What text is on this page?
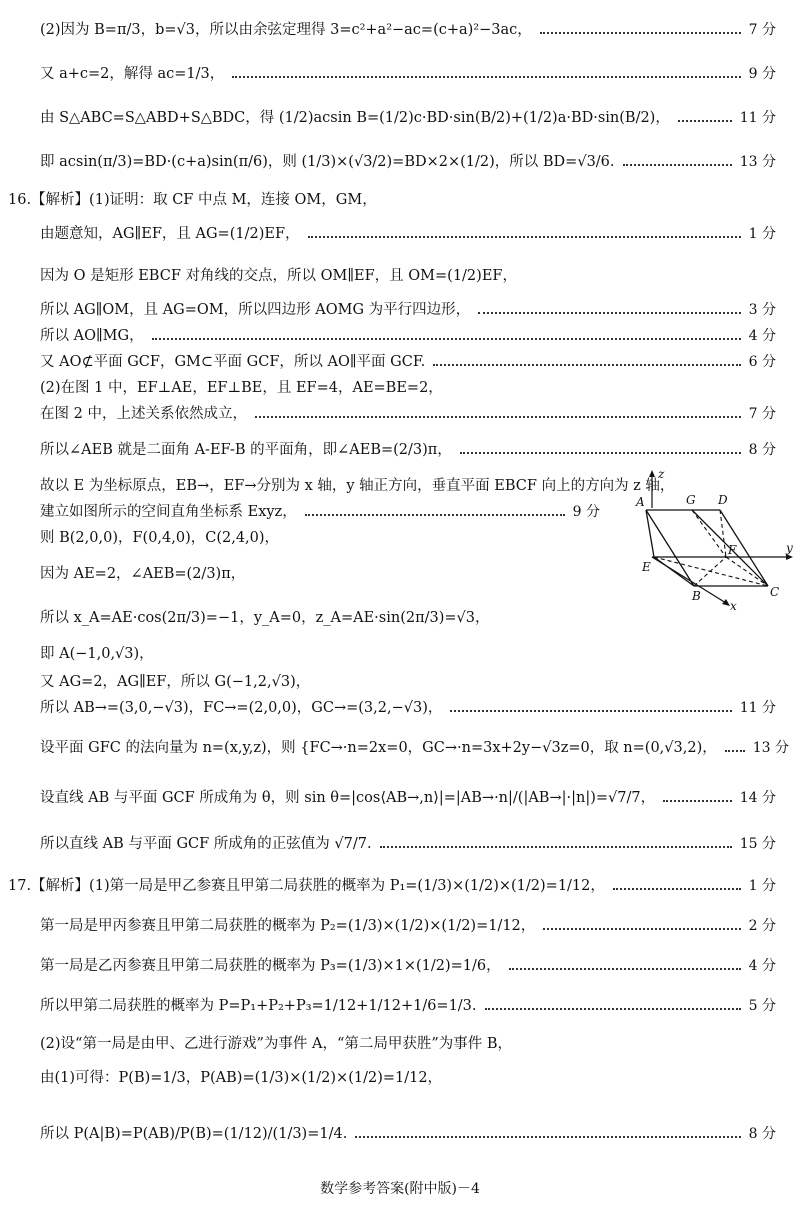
(2)因为 B=π/3，b=√3，所以由余弦定理得 3=c²+a²−ac=(c+a)²−3ac，	7 分
又 a+c=2，解得 ac=1/3，	9 分
由 S△ABC=S△ABD+S△BDC，得 (1/2)acsin B=(1/2)c·BD·sin(B/2)+(1/2)a·BD·sin(B/2)，	11 分
即 acsin(π/3)=BD·(c+a)sin(π/6)，则 (1/3)×(√3/2)=BD×2×(1/2)，所以 BD=√3/6.	13 分
16.【解析】(1)证明：取 CF 中点 M，连接 OM，GM，
由题意知，AG∥EF，且 AG=(1/2)EF，	1 分
因为 O 是矩形 EBCF 对角线的交点，所以 OM∥EF，且 OM=(1/2)EF，
所以 AG∥OM，且 AG=OM，所以四边形 AOMG 为平行四边形，	3 分
所以 AO∥MG，	4 分
又 AO⊄平面 GCF，GM⊂平面 GCF，所以 AO∥平面 GCF.	6 分
(2)在图 1 中，EF⊥AE，EF⊥BE，且 EF=4，AE=BE=2，
在图 2 中，上述关系依然成立，	7 分
所以∠AEB 就是二面角 A-EF-B 的平面角，即∠AEB=(2/3)π，	8 分
故以 E 为坐标原点，EB→，EF→分别为 x 轴，y 轴正方向，垂直平面 EBCF 向上的方向为 z 轴，
建立如图所示的空间直角坐标系 Exyz，	9 分
则 B(2,0,0)，F(0,4,0)，C(2,4,0)，
因为 AE=2，∠AEB=(2/3)π，
所以 x_A=AE·cos(2π/3)=−1，y_A=0，z_A=AE·sin(2π/3)=√3，
即 A(−1,0,√3)，
又 AG=2，AG∥EF，所以 G(−1,2,√3)，
所以 AB→=(3,0,−√3)，FC→=(2,0,0)，GC→=(3,2,−√3)，	11 分
设平面 GFC 的法向量为 n=(x,y,z)，则 {FC→·n=2x=0，GC→·n=3x+2y−√3z=0，取 n=(0,√3,2)，	13 分
设直线 AB 与平面 GCF 所成角为 θ，则 sin θ=|cos⟨AB→,n⟩|=|AB→·n|/(|AB→|·|n|)=√7/7，	14 分
所以直线 AB 与平面 GCF 所成角的正弦值为 √7/7.	15 分
17.【解析】(1)第一局是甲乙参赛且甲第二局获胜的概率为 P₁=(1/3)×(1/2)×(1/2)=1/12，	1 分
第一局是甲丙参赛且甲第二局获胜的概率为 P₂=(1/3)×(1/2)×(1/2)=1/12，	2 分
第一局是乙丙参赛且甲第二局获胜的概率为 P₃=(1/3)×1×(1/2)=1/6，	4 分
所以甲第二局获胜的概率为 P=P₁+P₂+P₃=1/12+1/12+1/6=1/3.	5 分
(2)设“第一局是由甲、乙进行游戏”为事件 A，“第二局甲获胜”为事件 B，
由(1)可得：P(B)=1/3，P(AB)=(1/3)×(1/2)×(1/2)=1/12，
所以 P(A|B)=P(AB)/P(B)=(1/12)/(1/3)=1/4.	8 分
A	G D
E
F
B	C
x
y
z
数学参考答案(附中版)－4
